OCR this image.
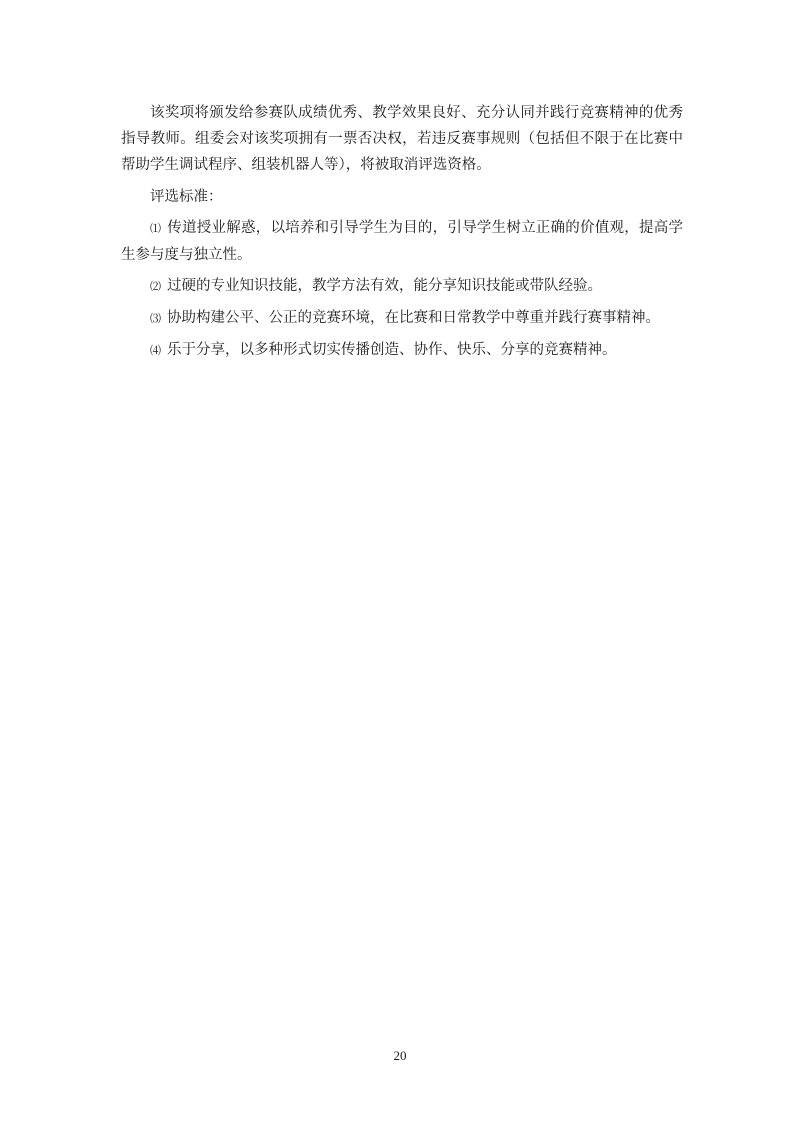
该奖项将颁发给参赛队成绩优秀、教学效果良好、充分认同并践行竞赛精神的优秀指导教师。组委会对该奖项拥有一票否决权，若违反赛事规则（包括但不限于在比赛中帮助学生调试程序、组装机器人等），将被取消评选资格。

评选标准：

⑴ 传道授业解惑，以培养和引导学生为目的，引导学生树立正确的价值观，提高学生参与度与独立性。

⑵ 过硬的专业知识技能，教学方法有效，能分享知识技能或带队经验。

⑶ 协助构建公平、公正的竞赛环境，在比赛和日常教学中尊重并践行赛事精神。

⑷ 乐于分享，以多种形式切实传播创造、协作、快乐、分享的竞赛精神。

20
